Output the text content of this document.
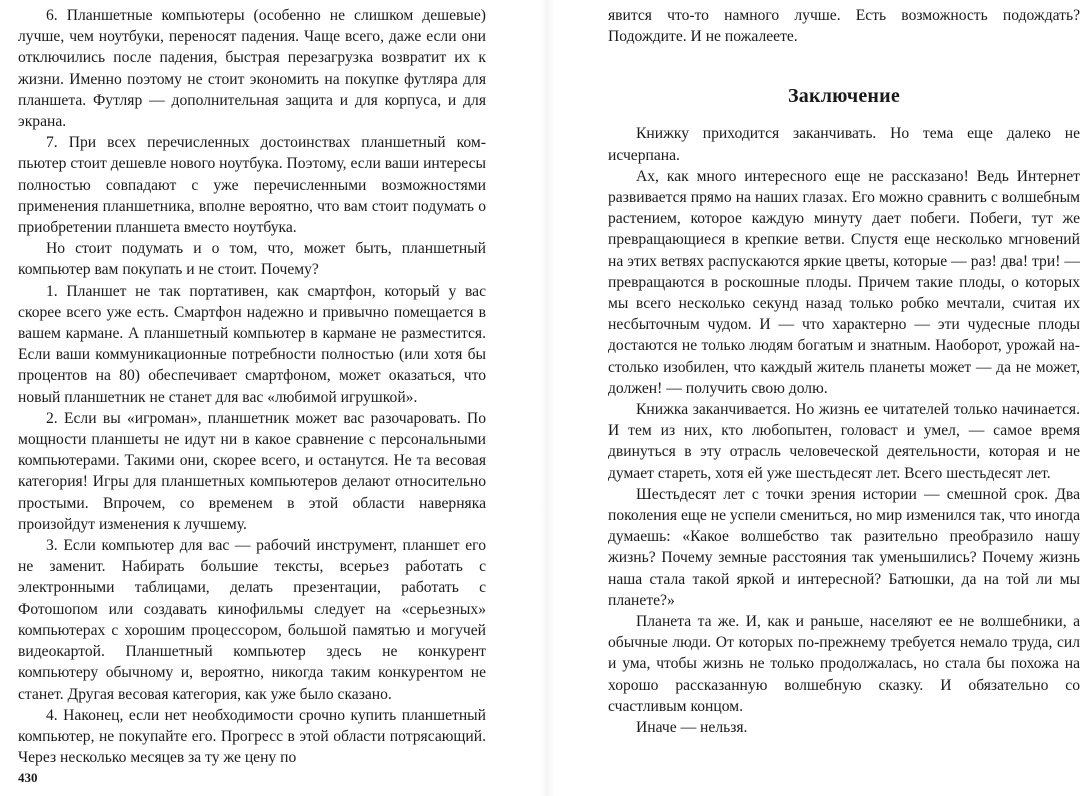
6. Планшетные компьютеры (особенно не слишком дешевые) лучше, чем ноутбуки, переносят падения. Чаще всего, даже если они отключились после падения, быстрая перезагрузка возвратит их к жизни. Именно поэтому не стоит экономить на покупке футляра для планшета. Футляр — дополнительная защита и для корпуса, и для экрана.

7. При всех перечисленных достоинствах планшетный компьютер стоит дешевле нового ноутбука. Поэтому, если ваши интересы полностью совпадают с уже перечисленными возможностями применения планшетника, вполне вероятно, что вам стоит подумать о приобретении планшета вместо ноутбука.

Но стоит подумать и о том, что, может быть, планшетный компьютер вам покупать и не стоит. Почему?

1. Планшет не так портативен, как смартфон, который у вас скорее всего уже есть. Смартфон надежно и привычно помещается в вашем кармане. А планшетный компьютер в кармане не разместится. Если ваши коммуникационные потребности полностью (или хотя бы процентов на 80) обеспечивает смартфоном, может оказаться, что новый планшетник не станет для вас «любимой игрушкой».

2. Если вы «игроман», планшетник может вас разочаровать. По мощности планшеты не идут ни в какое сравнение с персональными компьютерами. Такими они, скорее всего, и останутся. Не та весовая категория! Игры для планшетных компьютеров делают относительно простыми. Впрочем, со временем в этой области наверняка произойдут изменения к лучшему.

3. Если компьютер для вас — рабочий инструмент, планшет его не заменит. Набирать большие тексты, всерьез работать с электронными таблицами, делать презентации, работать с Фотошопом или создавать кинофильмы следует на «серьезных» компьютерах с хорошим процессором, большой памятью и могучей видеокартой. Планшетный компьютер здесь не конкурент компьютеру обычному и, вероятно, никогда таким конкурентом не станет. Другая весовая категория, как уже было сказано.

4. Наконец, если нет необходимости срочно купить планшетный компьютер, не покупайте его. Прогресс в этой области потрясающий. Через несколько месяцев за ту же цену по

430

явится что-то намного лучше. Есть возможность подождать? Подождите. И не пожалеете.

Заключение

Книжку приходится заканчивать. Но тема еще далеко не исчерпана.

Ах, как много интересного еще не рассказано! Ведь Интернет развивается прямо на наших глазах. Его можно сравнить с волшебным растением, которое каждую минуту дает побеги. Побеги, тут же превращающиеся в крепкие ветви. Спустя еще несколько мгновений на этих ветвях распускаются яркие цветы, которые — раз! два! три! — превращаются в роскошные плоды. Причем такие плоды, о которых мы всего несколько секунд назад только робко мечтали, считая их несбыточным чудом. И — что характерно — эти чудесные плоды достаются не только людям богатым и знатным. Наоборот, урожай настолько изобилен, что каждый житель планеты может — да не может, должен! — получить свою долю.

Книжка заканчивается. Но жизнь ее читателей только начинается. И тем из них, кто любопытен, головаст и умел, — самое время двинуться в эту отрасль человеческой деятельности, которая и не думает стареть, хотя ей уже шестьдесят лет. Всего шестьдесят лет.

Шестьдесят лет с точки зрения истории — смешной срок. Два поколения еще не успели смениться, но мир изменился так, что иногда думаешь: «Какое волшебство так разительно преобразило нашу жизнь? Почему земные расстояния так уменьшились? Почему жизнь наша стала такой яркой и интересной? Батюшки, да на той ли мы планете?»

Планета та же. И, как и раньше, населяют ее не волшебники, а обычные люди. От которых по-прежнему требуется немало труда, сил и ума, чтобы жизнь не только продолжалась, но стала бы похожа на хорошо рассказанную волшебную сказку. И обязательно со счастливым концом.

Иначе — нельзя.
